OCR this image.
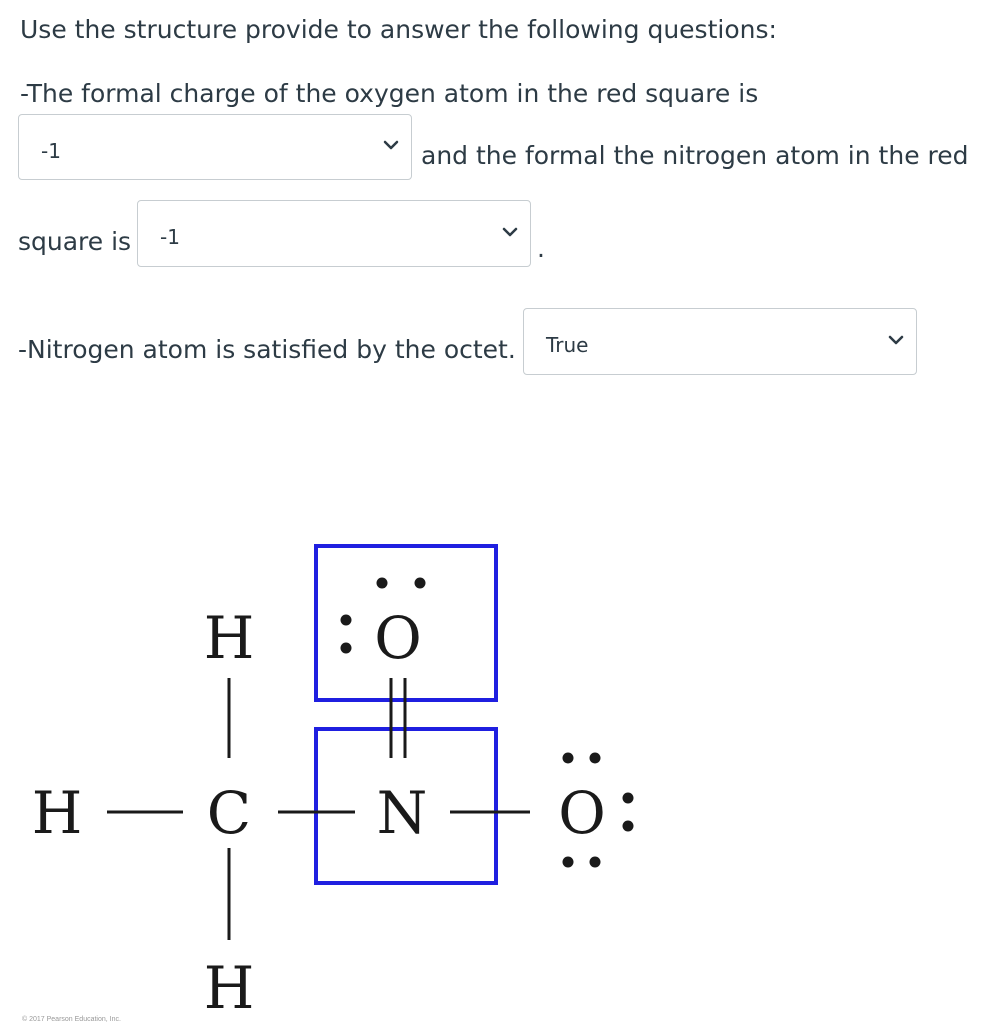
Use the structure provide to answer the following questions:
-The formal charge of the oxygen atom in the red square is
-1	and the formal the nitrogen atom in the red
square is -1	.
-Nitrogen atom is satisfied by the octet. True
H
H C
H
N
O
O
© 2017 Pearson Education, Inc.
